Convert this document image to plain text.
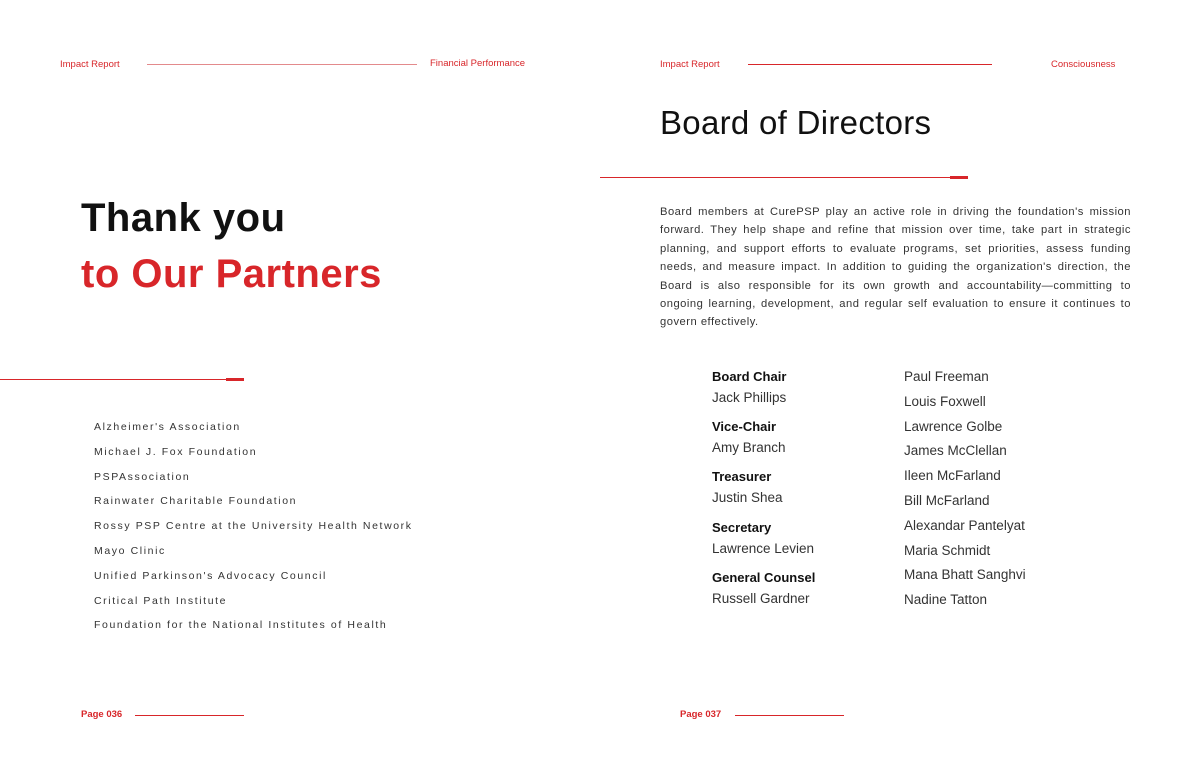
Impact Report	Financial Performance
Thank you
to Our Partners
Alzheimer's Association
Michael J. Fox Foundation
PSPAssociation
Rainwater Charitable Foundation
Rossy PSP Centre at the University Health Network
Mayo Clinic
Unified Parkinson's Advocacy Council
Critical Path Institute
Foundation for the National Institutes of Health
Page 036
Impact Report	Consciousness
Board of Directors

Board members at CurePSP play an active role in driving the foundation's mission forward. They help shape and refine that mission over time, take part in strategic planning, and support efforts to evaluate programs, set priorities, assess funding needs, and measure impact. In addition to guiding the organization's direction, the Board is also responsible for its own growth and accountability—committing to ongoing learning, development, and regular self evaluation to ensure it continues to govern effectively.

Board Chair
Jack Phillips
Vice-Chair
Amy Branch
Treasurer
Justin Shea
Secretary
Lawrence Levien
General Counsel
Russell Gardner
Paul Freeman
Louis Foxwell
Lawrence Golbe
James McClellan
Ileen McFarland
Bill McFarland
Alexandar Pantelyat
Maria Schmidt
Mana Bhatt Sanghvi
Nadine Tatton
Page 037
